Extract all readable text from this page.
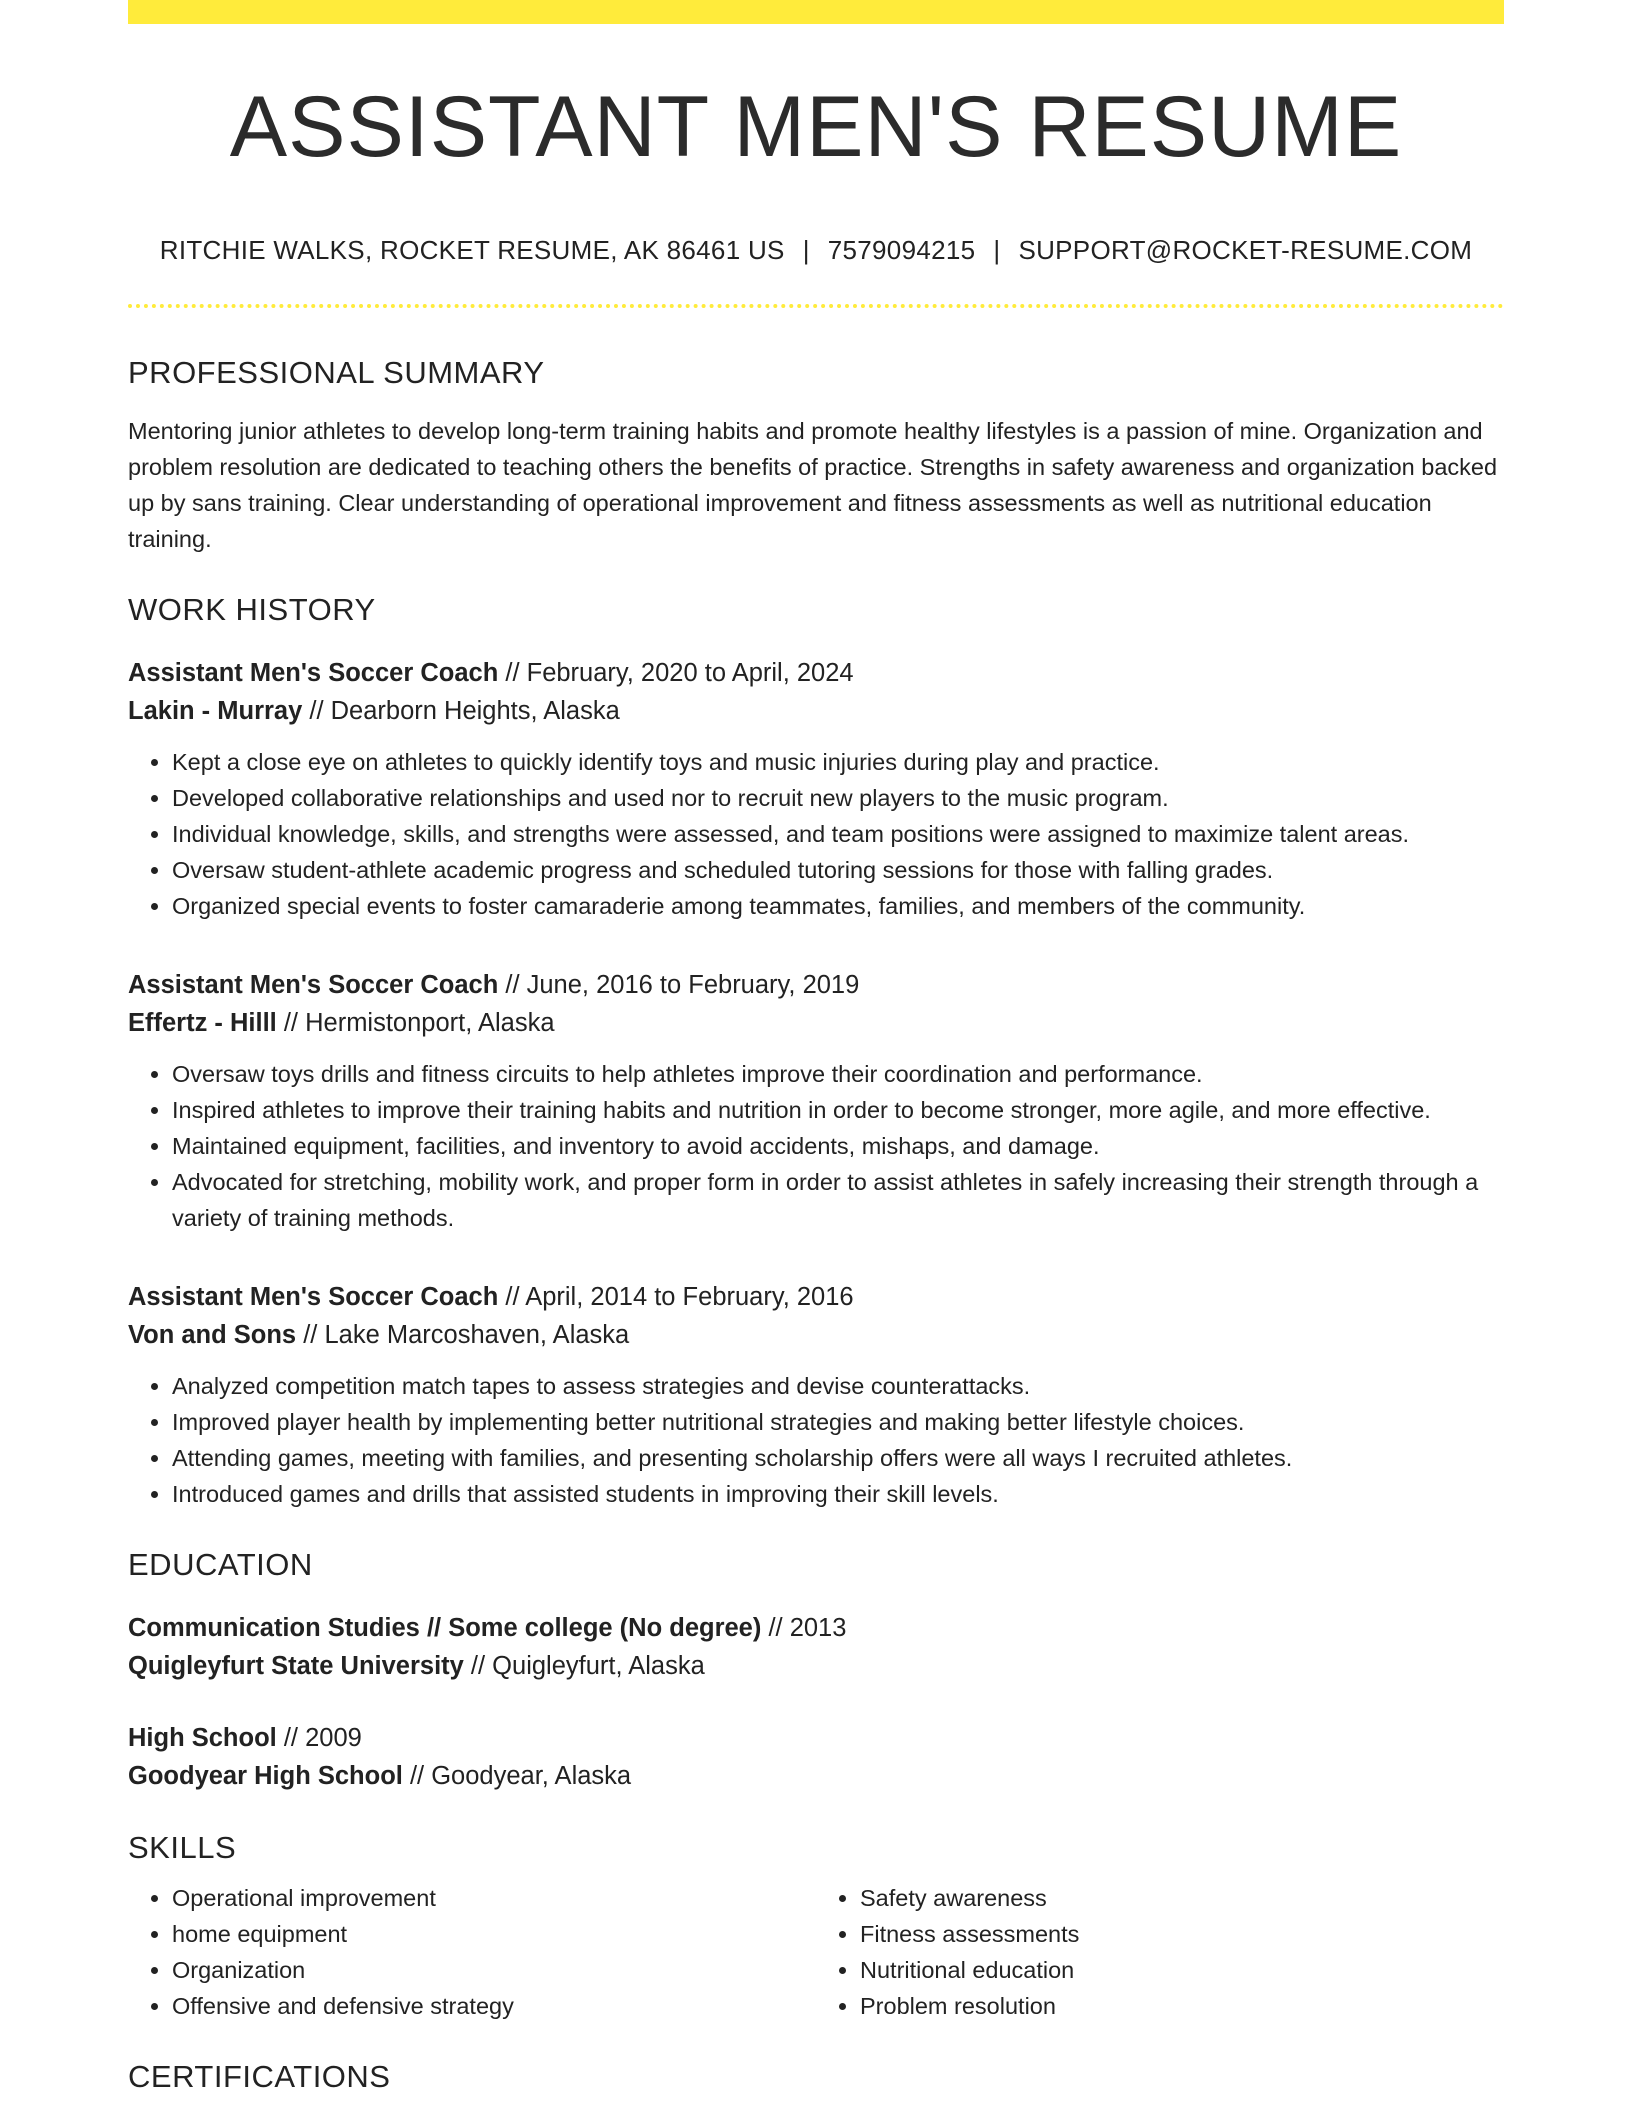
ASSISTANT MEN'S RESUME
RITCHIE WALKS, ROCKET RESUME, AK 86461 US | 7579094215 | SUPPORT@ROCKET-RESUME.COM
PROFESSIONAL SUMMARY

Mentoring junior athletes to develop long-term training habits and promote healthy lifestyles is a passion of mine. Organization and problem resolution are dedicated to teaching others the benefits of practice. Strengths in safety awareness and organization backed up by sans training. Clear understanding of operational improvement and fitness assessments as well as nutritional education training.

WORK HISTORY
Assistant Men's Soccer Coach // February, 2020 to April, 2024
Lakin - Murray // Dearborn Heights, Alaska
• Kept a close eye on athletes to quickly identify toys and music injuries during play and practice.
• Developed collaborative relationships and used nor to recruit new players to the music program.
• Individual knowledge, skills, and strengths were assessed, and team positions were assigned to maximize talent areas.
• Oversaw student-athlete academic progress and scheduled tutoring sessions for those with falling grades.
• Organized special events to foster camaraderie among teammates, families, and members of the community.
Assistant Men's Soccer Coach // June, 2016 to February, 2019
Effertz - Hilll // Hermistonport, Alaska
• Oversaw toys drills and fitness circuits to help athletes improve their coordination and performance.
• Inspired athletes to improve their training habits and nutrition in order to become stronger, more agile, and more effective.
• Maintained equipment, facilities, and inventory to avoid accidents, mishaps, and damage.
• Advocated for stretching, mobility work, and proper form in order to assist athletes in safely increasing their strength through a variety of training methods.
Assistant Men's Soccer Coach // April, 2014 to February, 2016
Von and Sons // Lake Marcoshaven, Alaska
• Analyzed competition match tapes to assess strategies and devise counterattacks.
• Improved player health by implementing better nutritional strategies and making better lifestyle choices.
• Attending games, meeting with families, and presenting scholarship offers were all ways I recruited athletes.
• Introduced games and drills that assisted students in improving their skill levels.
EDUCATION
Communication Studies // Some college (No degree) // 2013
Quigleyfurt State University // Quigleyfurt, Alaska
High School // 2009
Goodyear High School // Goodyear, Alaska
SKILLS
• Operational improvement
• home equipment
• Organization
• Offensive and defensive strategy
• Safety awareness
• Fitness assessments
• Nutritional education
• Problem resolution
CERTIFICATIONS
